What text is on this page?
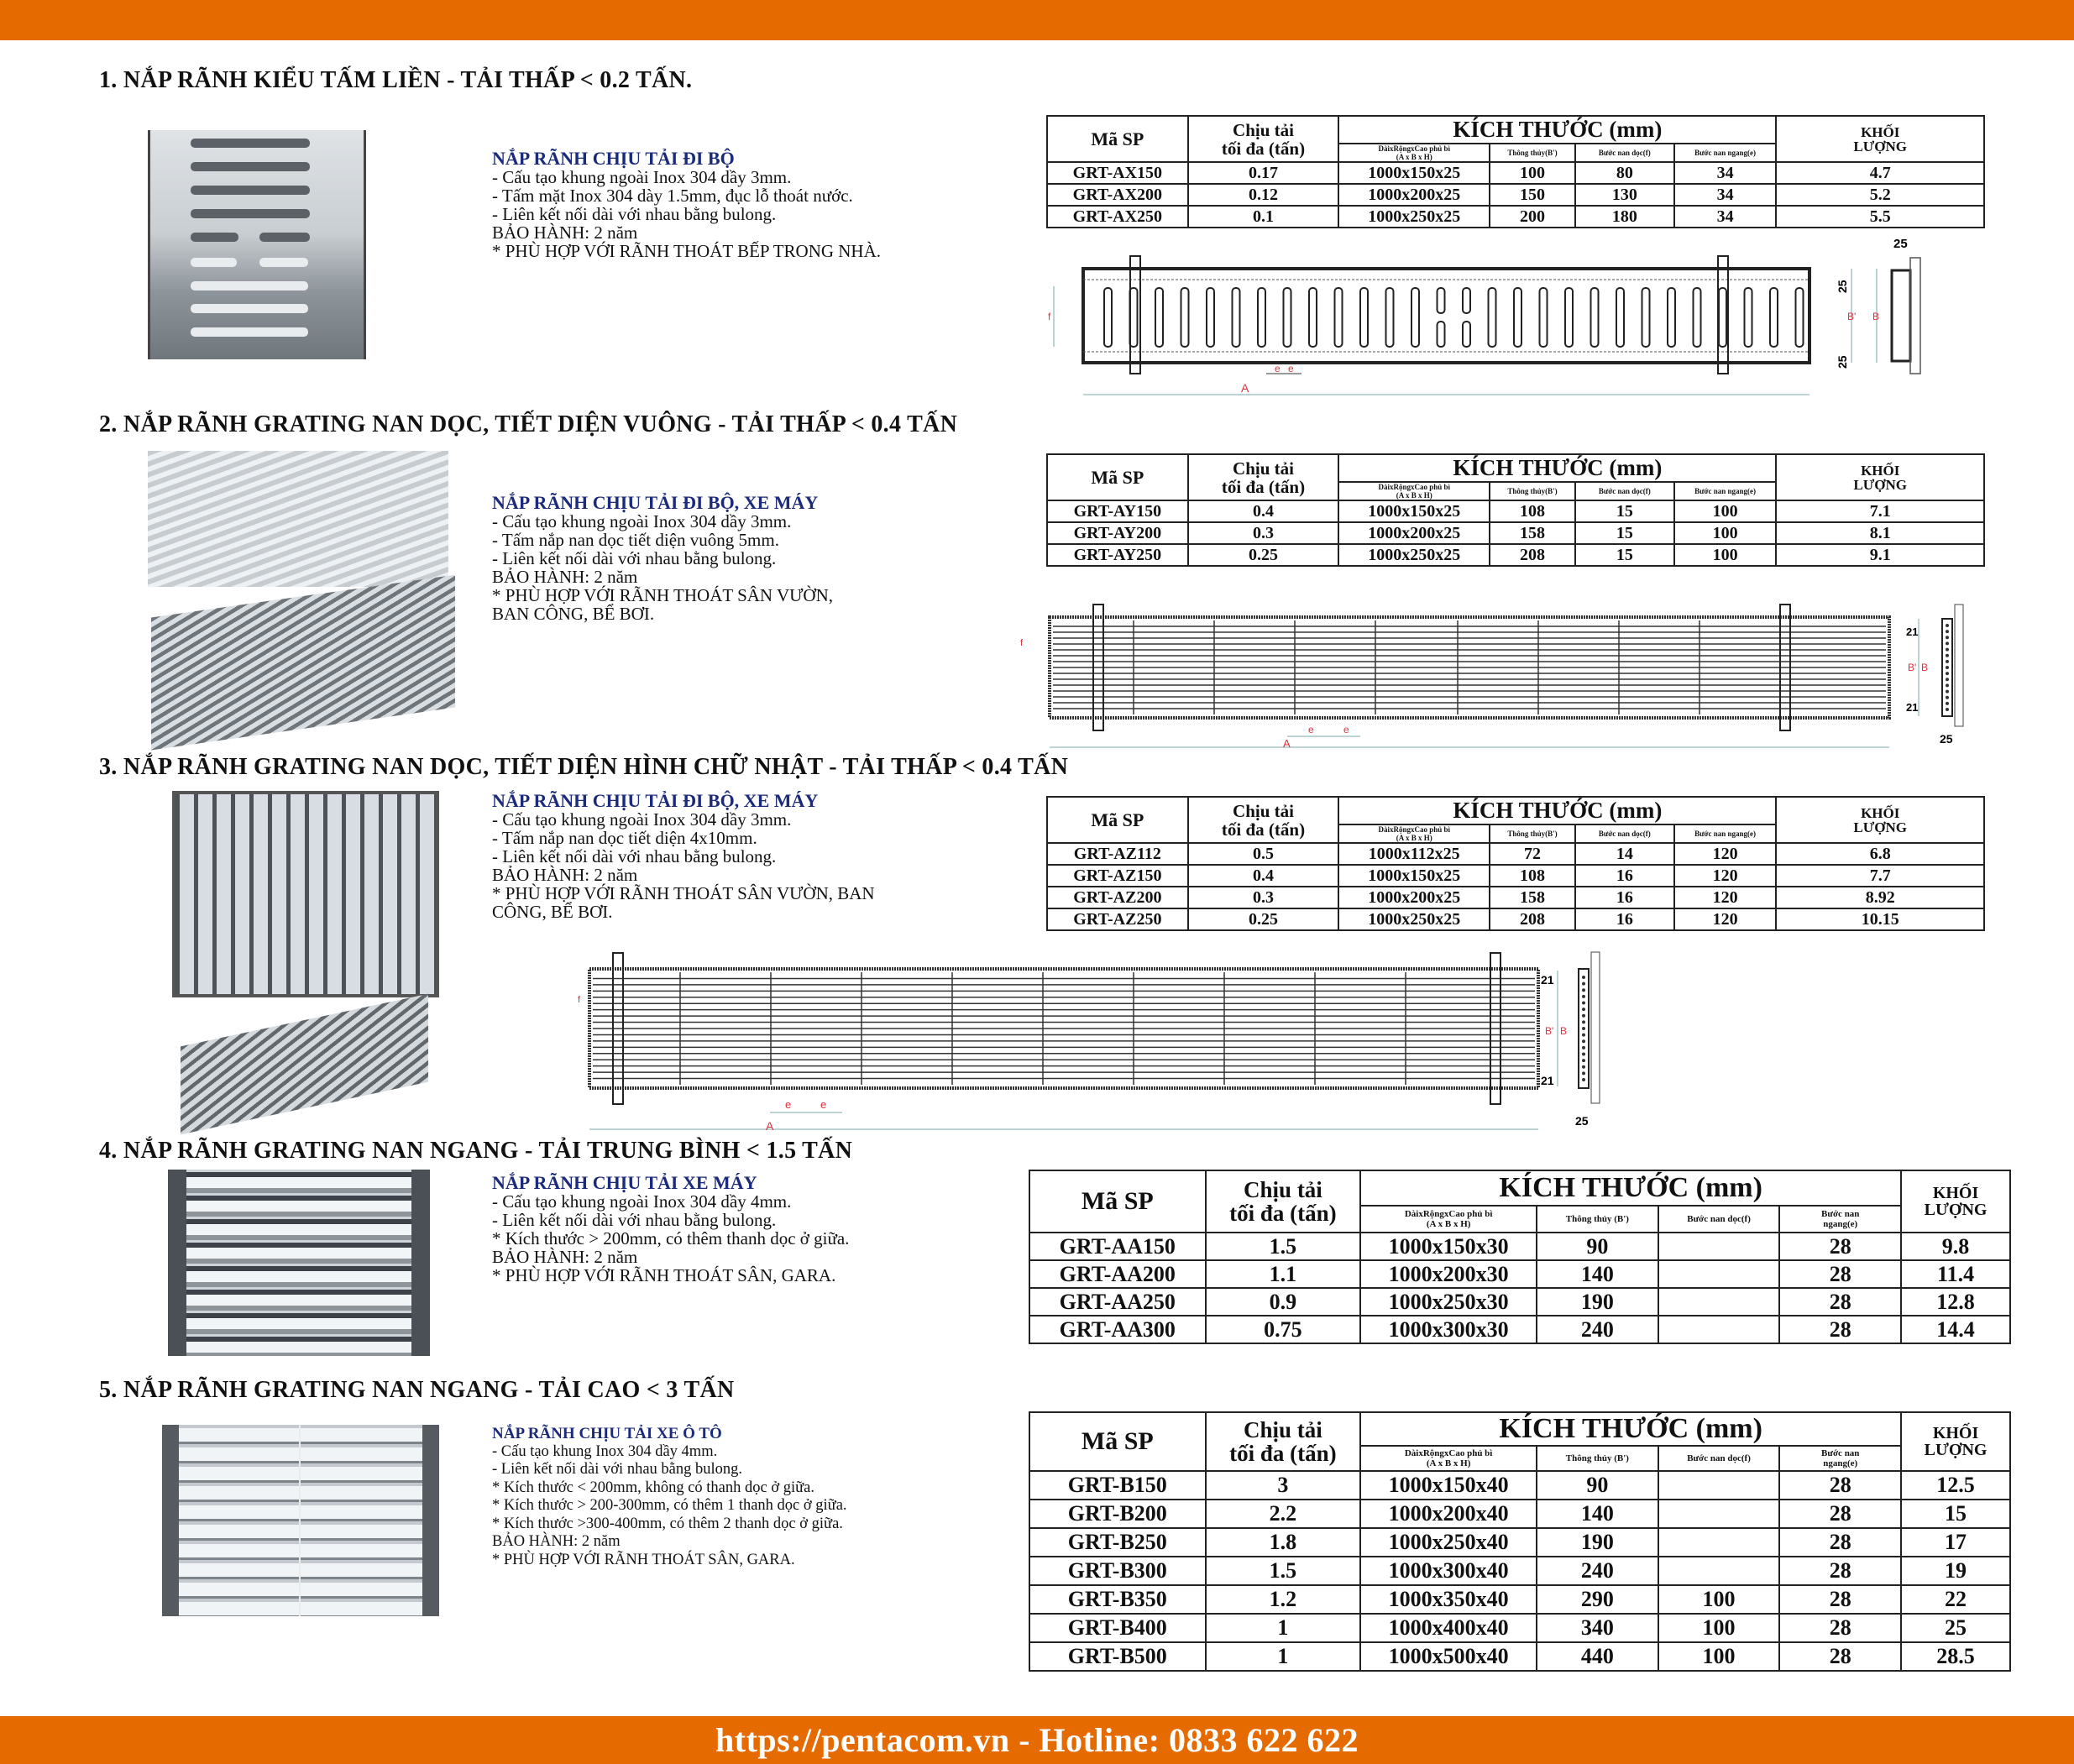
1. NẮP RÃNH KIỂU TẤM LIỀN - TẢI THẤP < 0.2 TẤN.
NẮP RÃNH CHỊU TẢI ĐI BỘ
- Cấu tạo khung ngoài Inox 304 dầy 3mm.
- Tấm mặt Inox 304 dày 1.5mm, đục lỗ thoát nước.
- Liên kết nối dài với nhau bằng bulong.
BẢO HÀNH: 2 năm
* PHÙ HỢP VỚI RÃNH THOÁT BẾP TRONG NHÀ.
Mã SP	Chịu tải
tối đa (tấn)	KÍCH THƯỚC (mm)				KHỐI
LƯỢNG
		DàixRộngxCao phủ bì
(A x B x H)	Thông thủy(B')	Bước nan dọc(f)	Bước nan ngang(e)	
GRT-AX150	0.17	1000x150x25	100	80	34	4.7
GRT-AX200	0.12	1000x200x25	150	130	34	5.2
GRT-AX250	0.1	1000x250x25	200	180	34	5.5
A
e e
f
25
25
B' B
25
2. NẮP RÃNH GRATING NAN DỌC, TIẾT DIỆN VUÔNG - TẢI THẤP < 0.4 TẤN
NẮP RÃNH CHỊU TẢI ĐI BỘ, XE MÁY
- Cấu tạo khung ngoài Inox 304 dầy 3mm.
- Tấm nắp nan dọc tiết diện vuông 5mm.
- Liên kết nối dài với nhau bằng bulong.
BẢO HÀNH: 2 năm
* PHÙ HỢP VỚI RÃNH THOÁT SÂN VƯỜN,
BAN CÔNG, BỂ BƠI.
Mã SP	Chịu tải
tối đa (tấn)	KÍCH THƯỚC (mm)				KHỐI
LƯỢNG
		DàixRộngxCao phủ bì
(A x B x H)	Thông thủy(B')	Bước nan dọc(f)	Bước nan ngang(e)	
GRT-AY150	0.4	1000x150x25	108	15	100	7.1
GRT-AY200	0.3	1000x200x25	158	15	100	8.1
GRT-AY250	0.25	1000x250x25	208	15	100	9.1
A
e	e
f
21
21
B' B
25
3. NẮP RÃNH GRATING NAN DỌC, TIẾT DIỆN HÌNH CHỮ NHẬT - TẢI THẤP < 0.4 TẤN
NẮP RÃNH CHỊU TẢI ĐI BỘ, XE MÁY
- Cấu tạo khung ngoài Inox 304 dầy 3mm.
- Tấm nắp nan dọc tiết diện 4x10mm.
- Liên kết nối dài với nhau bằng bulong.
BẢO HÀNH: 2 năm
* PHÙ HỢP VỚI RÃNH THOÁT SÂN VƯỜN, BAN
CÔNG, BỂ BƠI.
Mã SP	Chịu tải
tối đa (tấn)	KÍCH THƯỚC (mm)				KHỐI
LƯỢNG
		DàixRộngxCao phủ bì
(A x B x H)	Thông thủy(B')	Bước nan dọc(f)	Bước nan ngang(e)	
GRT-AZ112	0.5	1000x112x25	72	14	120	6.8
GRT-AZ150	0.4	1000x150x25	108	16	120	7.7
GRT-AZ200	0.3	1000x200x25	158	16	120	8.92
GRT-AZ250	0.25	1000x250x25	208	16	120	10.15
A
e	e
f
21
21
B' B
25
4. NẮP RÃNH GRATING NAN NGANG - TẢI TRUNG BÌNH < 1.5 TẤN
NẮP RÃNH CHỊU TẢI XE MÁY
- Cấu tạo khung ngoài Inox 304 dầy 4mm.
- Liên kết nối dài với nhau bằng bulong.
* Kích thước > 200mm, có thêm thanh dọc ở giữa.
BẢO HÀNH: 2 năm
* PHÙ HỢP VỚI RÃNH THOÁT SÂN, GARA.
Mã SP	Chịu tải
tối đa (tấn)	KÍCH THƯỚC (mm)				KHỐI
LƯỢNG
		DàixRộngxCao phủ bì
(A x B x H)	Thông thủy (B')	Bước nan dọc(f)	Bước nan
ngang(e)	
GRT-AA150	1.5	1000x150x30	90		28	9.8
GRT-AA200	1.1	1000x200x30	140		28	11.4
GRT-AA250	0.9	1000x250x30	190		28	12.8
GRT-AA300	0.75	1000x300x30	240		28	14.4
5. NẮP RÃNH GRATING NAN NGANG - TẢI CAO < 3 TẤN
NẮP RÃNH CHỊU TẢI XE Ô TÔ
- Cấu tạo khung Inox 304 dầy 4mm.
- Liên kết nối dài với nhau bằng bulong.
* Kích thước < 200mm, không có thanh dọc ở giữa.
* Kích thước > 200-300mm, có thêm 1 thanh dọc ở giữa.
* Kích thước >300-400mm, có thêm 2 thanh dọc ở giữa.
BẢO HÀNH: 2 năm
* PHÙ HỢP VỚI RÃNH THOÁT SÂN, GARA.
Mã SP	Chịu tải
tối đa (tấn)	KÍCH THƯỚC (mm)				KHỐI
LƯỢNG
		DàixRộngxCao phủ bì
(A x B x H)	Thông thủy (B')	Bước nan dọc(f)	Bước nan
ngang(e)	
GRT-B150	3	1000x150x40	90		28	12.5
GRT-B200	2.2	1000x200x40	140		28	15
GRT-B250	1.8	1000x250x40	190		28	17
GRT-B300	1.5	1000x300x40	240		28	19
GRT-B350	1.2	1000x350x40	290	100	28	22
GRT-B400	1	1000x400x40	340	100	28	25
GRT-B500	1	1000x500x40	440	100	28	28.5
https://pentacom.vn - Hotline: 0833 622 622
